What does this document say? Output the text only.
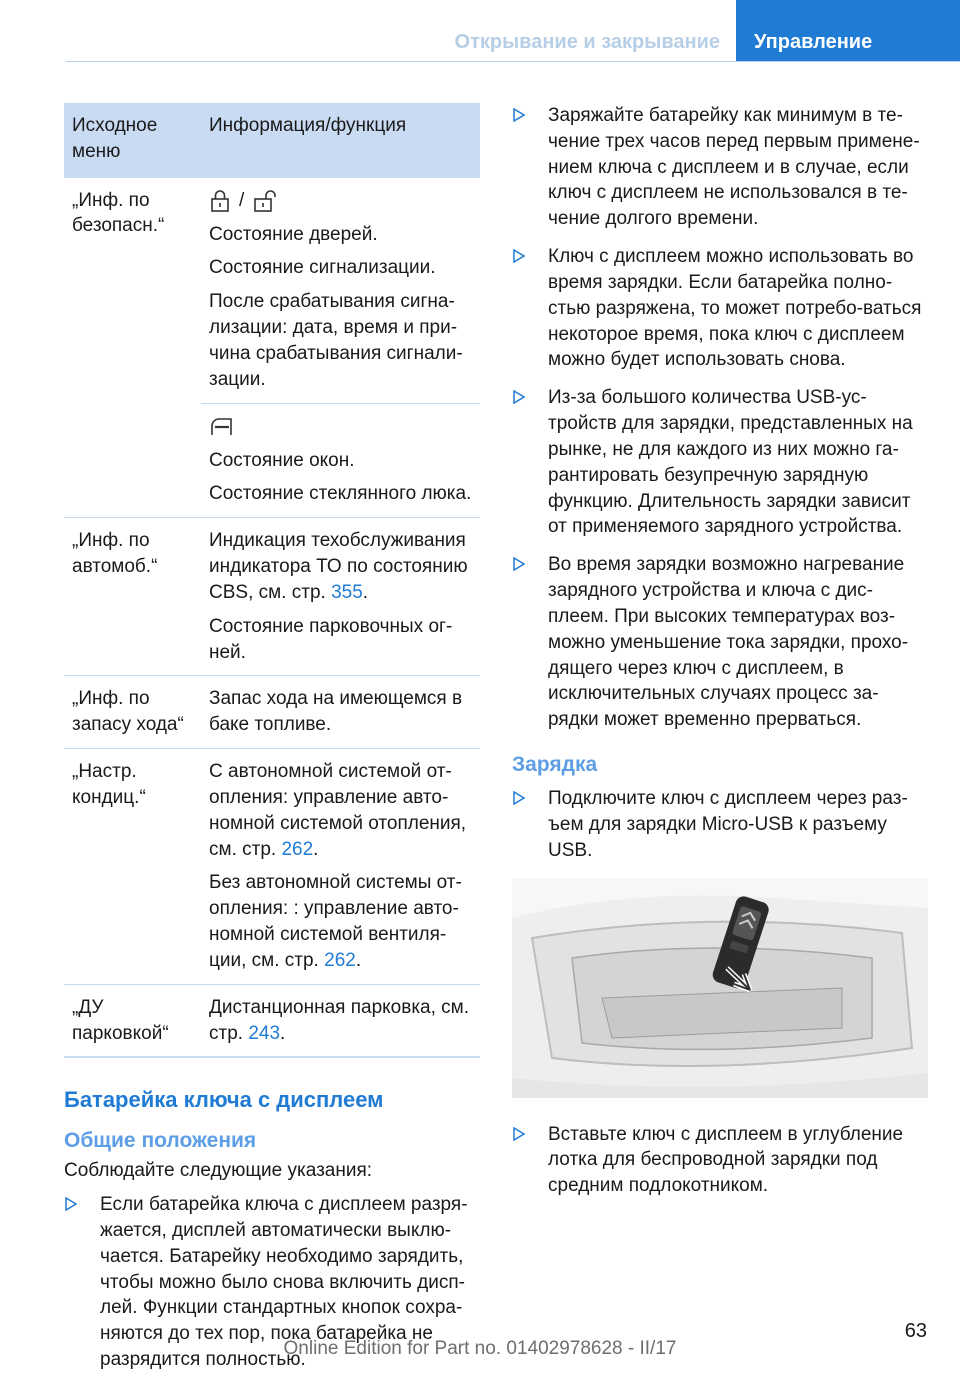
Открывание и закрывание	Управление
Исходное меню	Информация/функция
„Инф. по безопасн.“	/

Состояние дверей.

Состояние сигнализации.

После срабатывания сигна-лизации: дата, время и при-чина срабатывания сигнали-зации.

	Состояние окон.

Состояние стеклянного люка.

„Инф. по автомоб.“	Индикация техобслуживания индикатора ТО по состоянию CBS, см. стр. 355.

Состояние парковочных ог-ней.

„Инф. по запасу хода“	Запас хода на имеющемся в баке топливе.

„Настр. кондиц.“	С автономной системой от-опления: управление авто-номной системой отопления, см. стр. 262.

Без автономной системы от-опления: : управление авто-номной системой вентиля-ции, см. стр. 262.

„ДУ парковкой“	Дистанционная парковка, см. стр. 243.

Батарейка ключа с дисплеем
Общие положения

Соблюдайте следующие указания:

Если батарейка ключа с дисплеем разря-жается, дисплей автоматически выклю-чается. Батарейку необходимо зарядить, чтобы можно было снова включить дисп-лей. Функции стандартных кнопок сохра-няются до тех пор, пока батарейка не разрядится полностью.
Заряжайте батарейку как минимум в те-чение трех часов перед первым примене-нием ключа с дисплеем и в случае, если ключ с дисплеем не использовался в те-чение долгого времени.
Ключ с дисплеем можно использовать во время зарядки. Если батарейка полно-стью разряжена, то может потребо-ваться некоторое время, пока ключ с дисплеем можно будет использовать снова.
Из-за большого количества USB-ус-тройств для зарядки, представленных на рынке, не для каждого из них можно га-рантировать безупречную зарядную функцию. Длительность зарядки зависит от применяемого зарядного устройства.
Во время зарядки возможно нагревание зарядного устройства и ключа с дис-плеем. При высоких температурах воз-можно уменьшение тока зарядки, прохо-дящего через ключ с дисплеем, в исключительных случаях процесс за-рядки может временно прерваться.
Зарядка
Подключите ключ с дисплеем через раз-ъем для зарядки Micro-USB к разъему USB.
Вставьте ключ с дисплеем в углубление лотка для беспроводной зарядки под средним подлокотником.
63
Online Edition for Part no. 01402978628 - II/17
